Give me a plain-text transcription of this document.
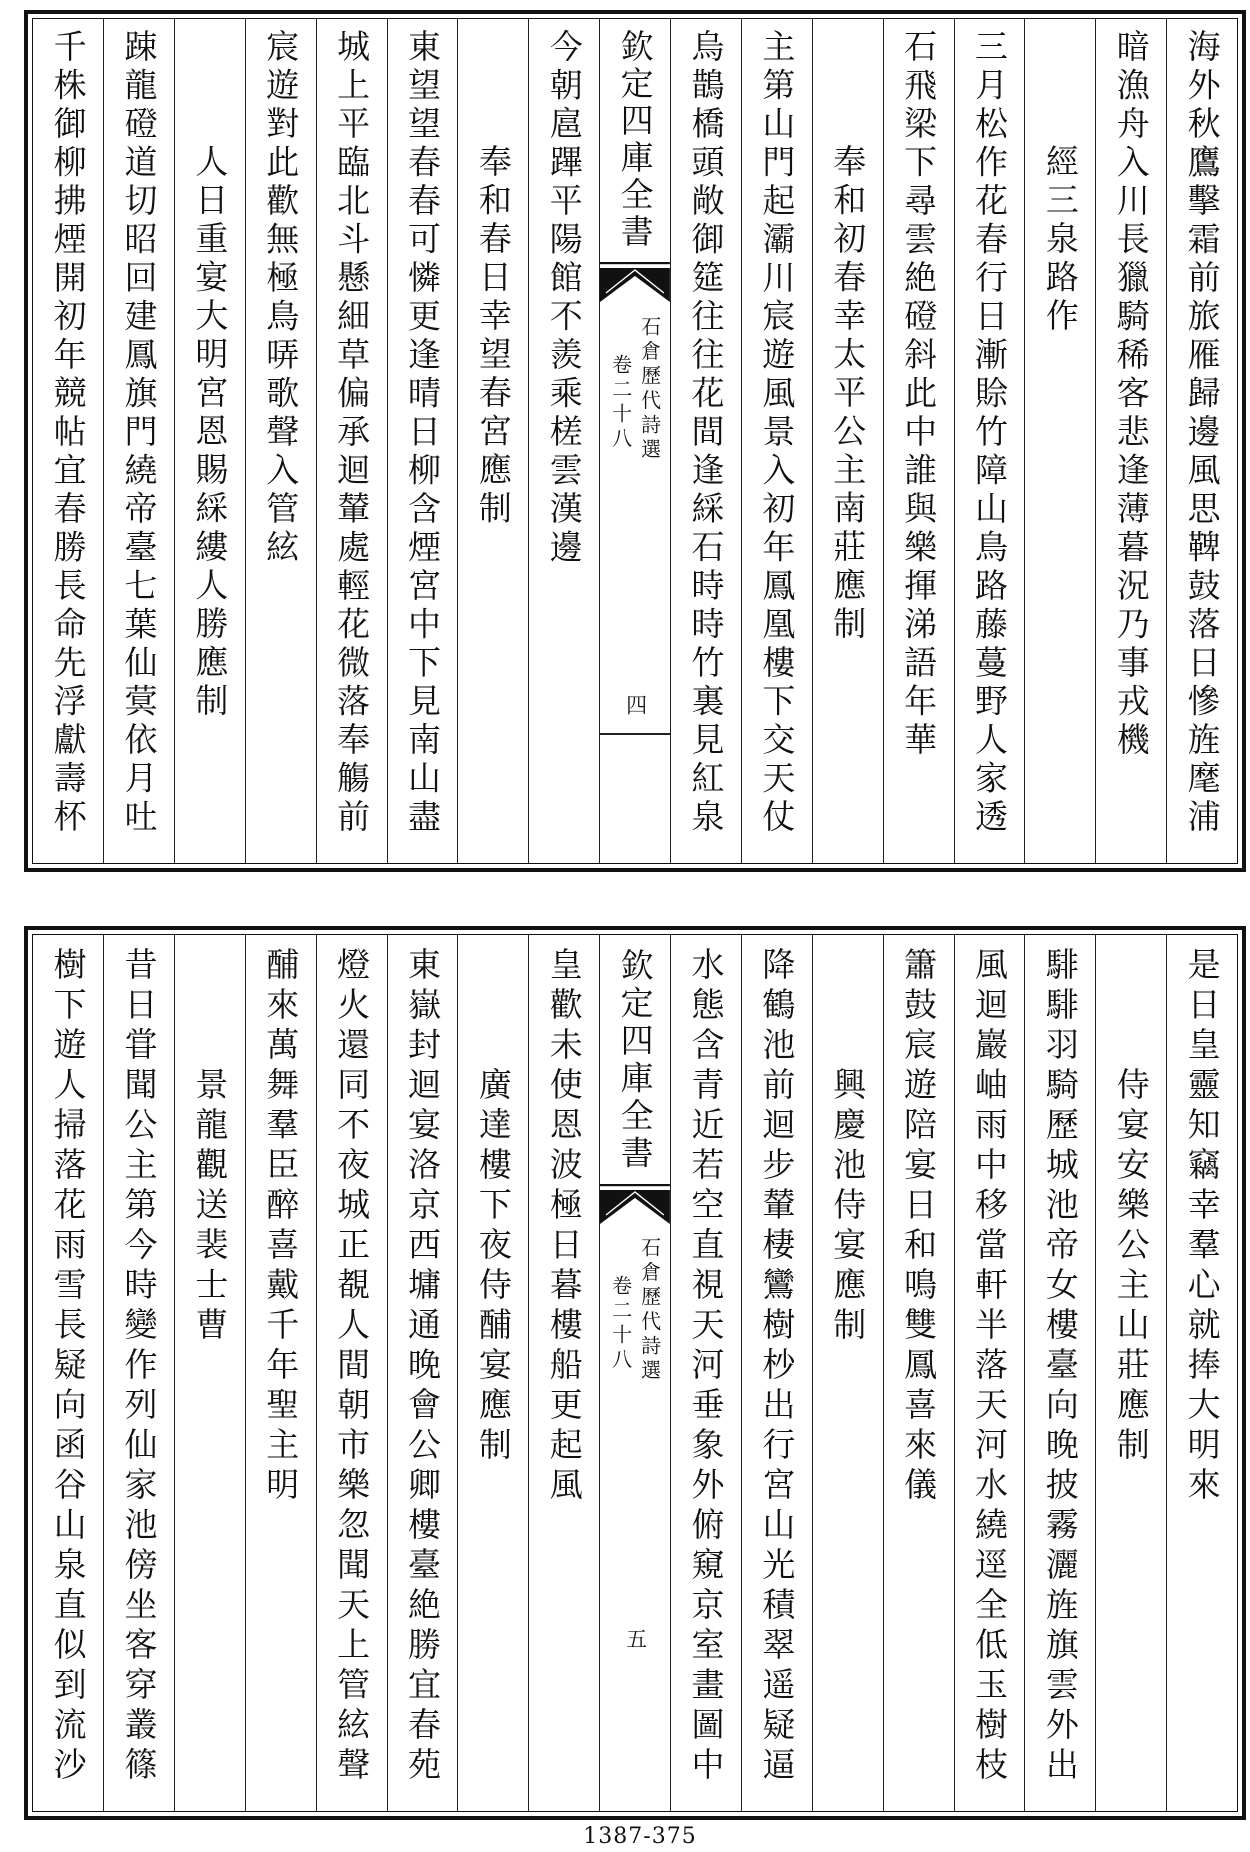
海外秋鷹擊霜前旅雁歸邊風思鞞鼓落日慘旌麾浦
暗漁舟入川長獵騎稀客悲逢薄暮況乃事戎機
經三泉路作
三月松作花春行日漸賒竹障山鳥路藤蔓野人家透
石飛梁下尋雲絶磴斜此中誰與樂揮涕語年華
奉和初春幸太平公主南莊應制
主第山門起灞川宸遊風景入初年鳳凰樓下交天仗
烏鵲橋頭敞御筵往往花間逢綵石時時竹裏見紅泉
欽定四庫全書
石倉歷代詩選
卷二十八
四
今朝扈蹕平陽館不羨乘槎雲漢邊
奉和春日幸望春宮應制
東望望春春可憐更逢晴日柳含煙宮中下見南山盡
城上平臨北斗懸細草偏承迴輦處輕花微落奉觴前
宸遊對此歡無極鳥哢歌聲入管絃
人日重宴大明宮恩賜綵縷人勝應制
踈龍磴道切昭回建鳳旗門繞帝臺七葉仙蓂依月吐
千株御柳拂煙開初年競帖宜春勝長命先浮獻壽杯
是日皇靈知竊幸羣心就捧大明來
侍宴安樂公主山莊應制
騑騑羽騎歷城池帝女樓臺向晚披霧灑旌旗雲外出
風迴巖岫雨中移當軒半落天河水繞逕全低玉樹枝
簫鼓宸遊陪宴日和鳴雙鳳喜來儀
興慶池侍宴應制
降鶴池前迴步輦棲鸞樹杪出行宮山光積翠遥疑逼
水態含青近若空直視天河垂象外俯窺京室畫圖中
欽定四庫全書
石倉歷代詩選
卷二十八
五
皇歡未使恩波極日暮樓船更起風
廣達樓下夜侍酺宴應制
東嶽封迴宴洛京西墉通晚會公卿樓臺絶勝宜春苑
燈火還同不夜城正覩人間朝市樂忽聞天上管絃聲
酺來萬舞羣臣醉喜戴千年聖主明
景龍觀送裴士曹
昔日甞聞公主第今時變作列仙家池傍坐客穿叢篠
樹下遊人掃落花雨雪長疑向函谷山泉直似到流沙
1387-375
